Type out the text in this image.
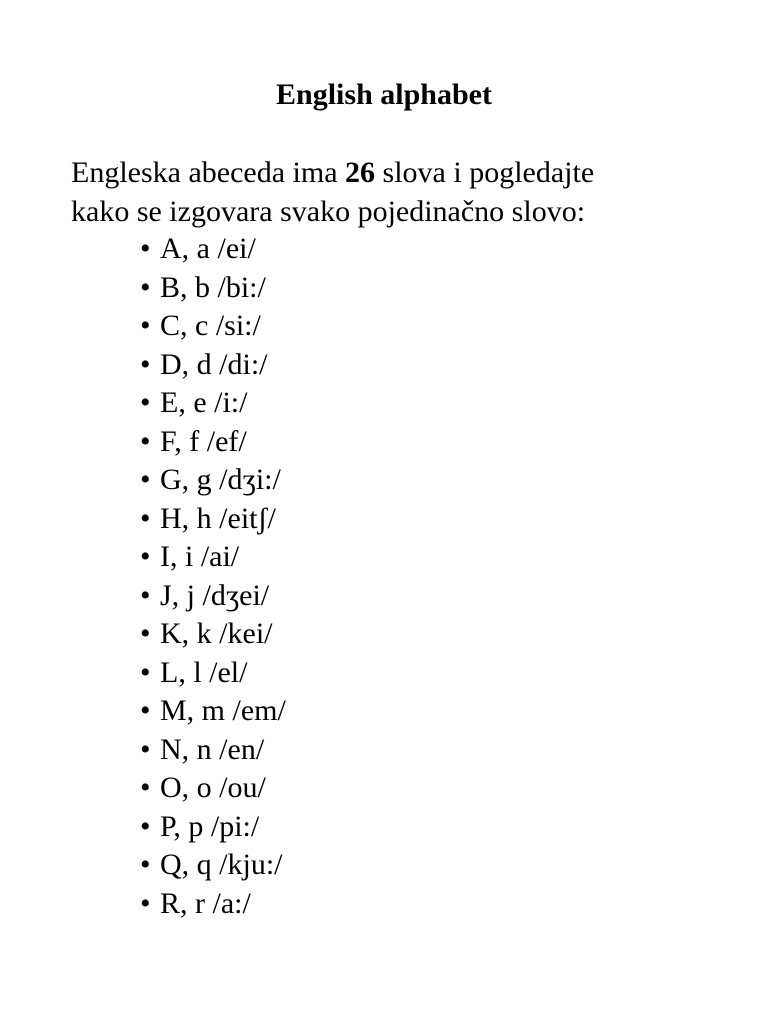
English alphabet
Engleska abeceda ima 26 slova i pogledajte
kako se izgovara svako pojedinačno slovo:
• A, a /ei/
• B, b /bi:/
• C, c /si:/
• D, d /di:/
• E, e /i:/
• F, f /ef/
• G, g /dʒi:/
• H, h /eitʃ/
• I, i /ai/
• J, j /dʒei/
• K, k /kei/
• L, l /el/
• M, m /em/
• N, n /en/
• O, o /ou/
• P, p /pi:/
• Q, q /kju:/
• R, r /a:/
